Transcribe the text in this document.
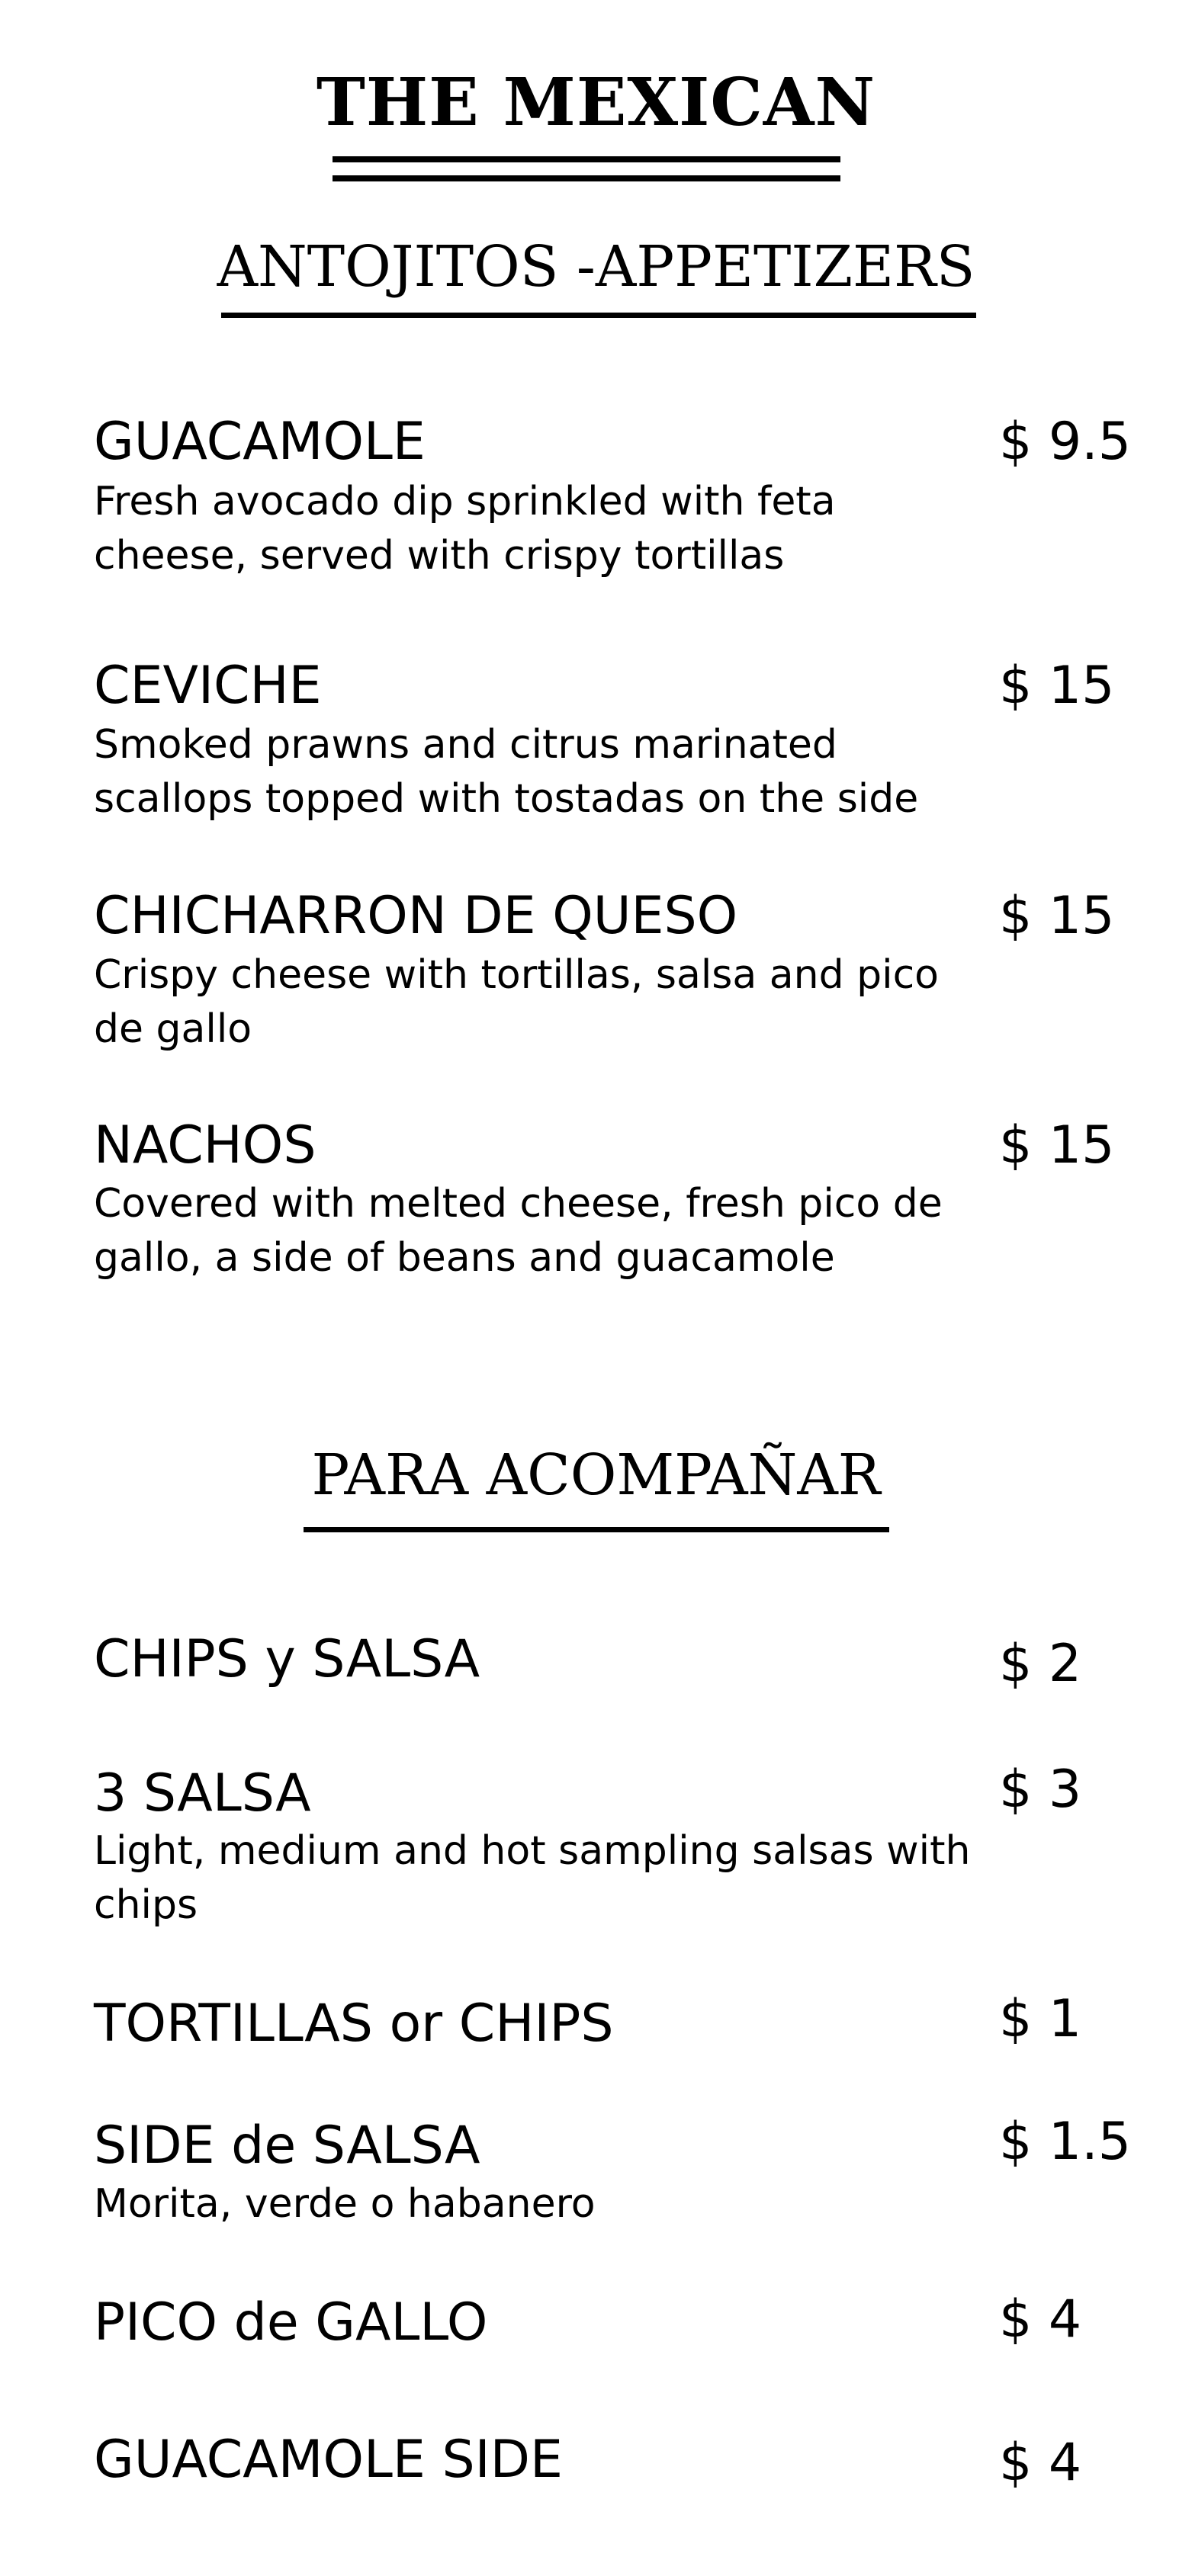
THE MEXICAN
ANTOJITOS -APPETIZERS
GUACAMOLE	$ 9.5
Fresh avocado dip sprinkled with feta cheese, served with crispy tortillas
CEVICHE	$ 15
Smoked prawns and citrus marinated scallops topped with tostadas on the side
CHICHARRON DE QUESO	$ 15
Crispy cheese with tortillas, salsa and pico de gallo
NACHOS	$ 15
Covered with melted cheese, fresh pico de gallo, a side of beans and guacamole
PARA ACOMPAÑAR
CHIPS y SALSA	$ 2
3 SALSA	$ 3
Light, medium and hot sampling salsas with chips
TORTILLAS or CHIPS	$ 1
SIDE de SALSA	$ 1.5
Morita, verde o habanero
PICO de GALLO	$ 4
GUACAMOLE SIDE	$ 4
